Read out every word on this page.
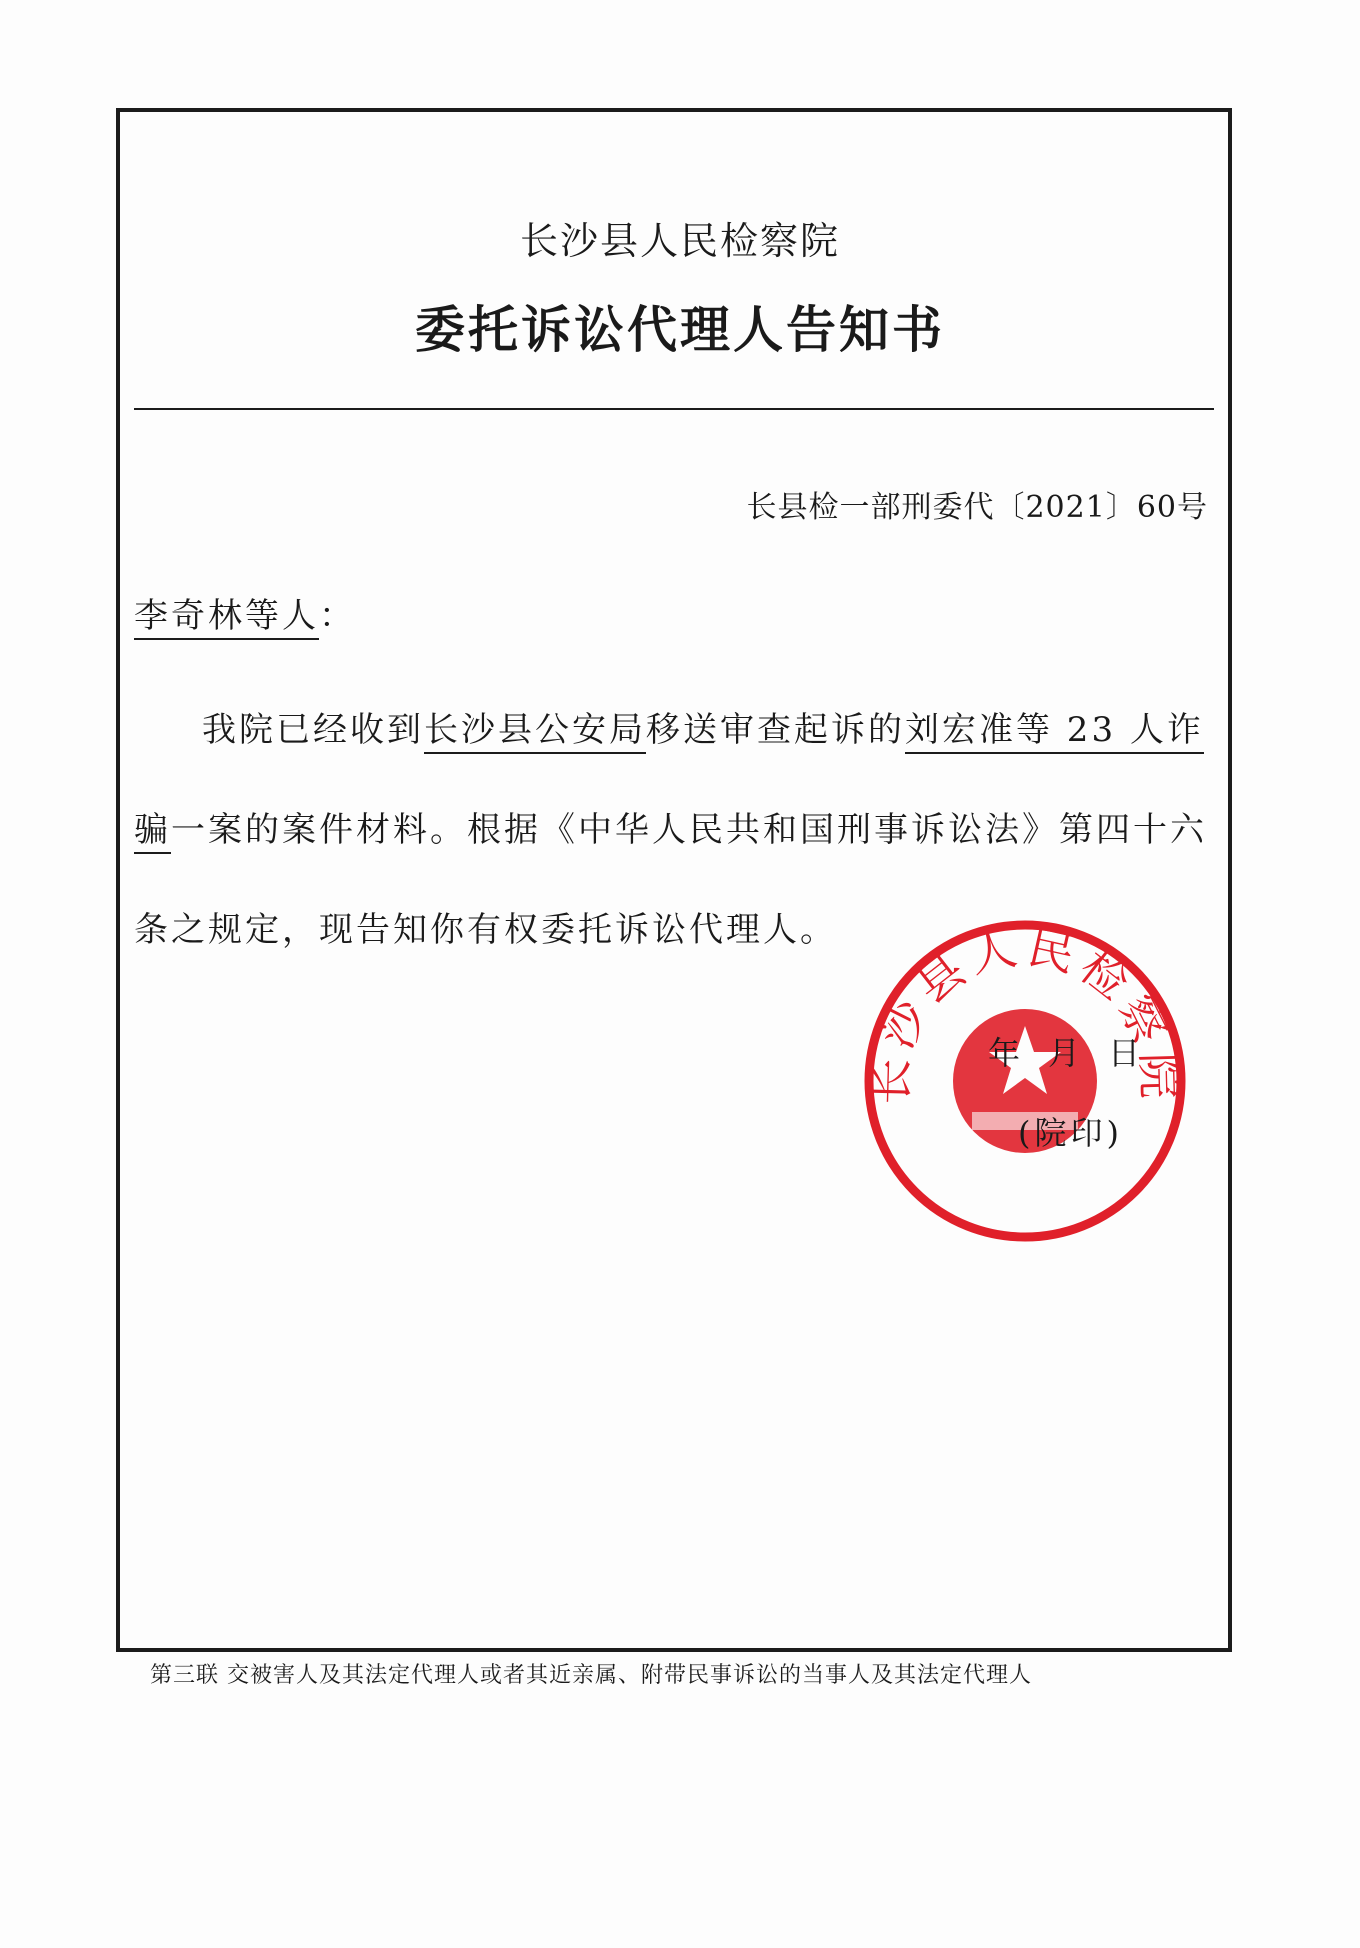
长沙县人民检察院
委托诉讼代理人告知书
长县检一部刑委代〔2021〕60号
李奇林等人：
我院已经收到长沙县公安局移送审查起诉的刘宏准等 23 人诈
骗一案的案件材料。根据《中华人民共和国刑事诉讼法》第四十六条之规定，现告知你有权委托诉讼代理人。
长沙县人民检察院
年月日
(院印)
第三联 交被害人及其法定代理人或者其近亲属、附带民事诉讼的当事人及其法定代理人
